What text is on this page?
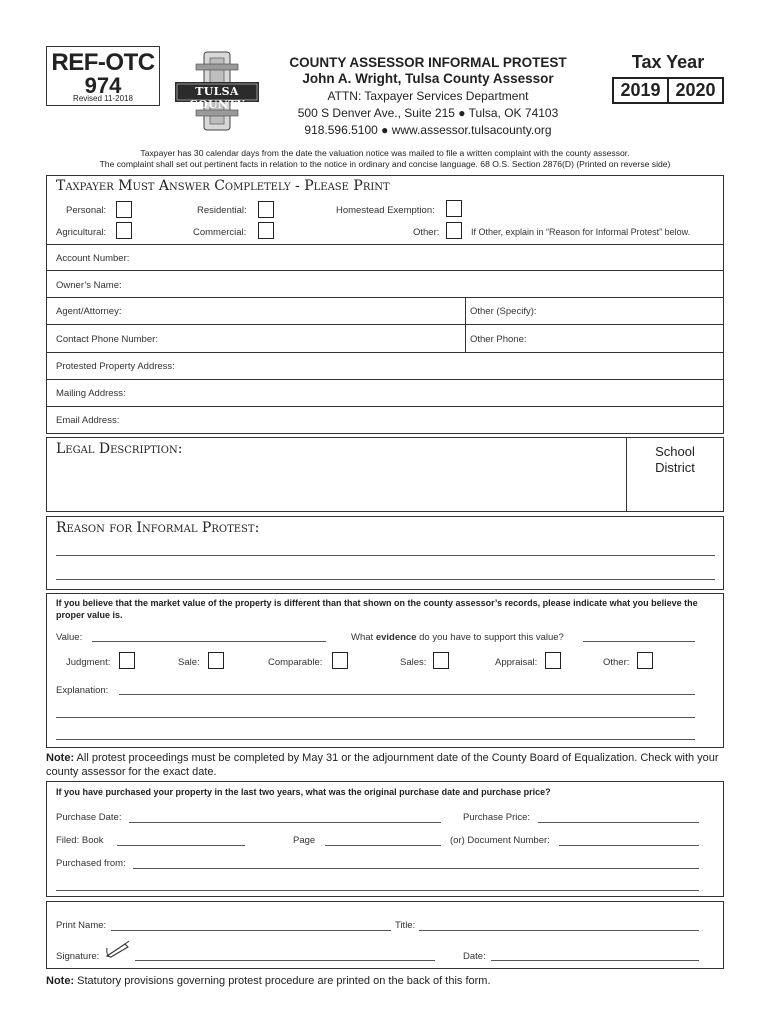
REF-OTC
974
Revised 11-2018
TULSA COUNTY
COUNTY ASSESSOR INFORMAL PROTEST
John A. Wright, Tulsa County Assessor
ATTN: Taxpayer Services Department
500 S Denver Ave., Suite 215 ● Tulsa, OK 74103
918.596.5100 ● www.assessor.tulsacounty.org
Tax Year
2019 2020
Taxpayer has 30 calendar days from the date the valuation notice was mailed to file a written complaint with the county assessor.
The complaint shall set out pertinent facts in relation to the notice in ordinary and concise language. 68 O.S. Section 2876(D) (Printed on reverse side)
Taxpayer Must Answer Completely - Please Print
Personal:	Residential:	Homestead Exemption:
Agricultural:	Commercial:	Other:	If Other, explain in “Reason for Informal Protest” below.
Account Number:
Owner’s Name:
Agent/Attorney:	Other (Specify):
Contact Phone Number:	Other Phone:
Protested Property Address:
Mailing Address:
Email Address:
Legal Description:	School
District
Reason for Informal Protest:
If you believe that the market value of the property is different than that shown on the county assessor’s records, please indicate what you believe the proper value is.
Value:	What evidence do you have to support this value?
Judgment:	Sale:	Comparable:	Sales:	Appraisal:	Other:
Explanation:
Note: All protest proceedings must be completed by May 31 or the adjournment date of the County Board of Equalization. Check with your county assessor for the exact date.
If you have purchased your property in the last two years, what was the original purchase date and purchase price?
Purchase Date:	Purchase Price:
Filed: Book	Page	(or) Document Number:
Purchased from:
Print Name:	Title:
Signature:	Date:
Note: Statutory provisions governing protest procedure are printed on the back of this form.
